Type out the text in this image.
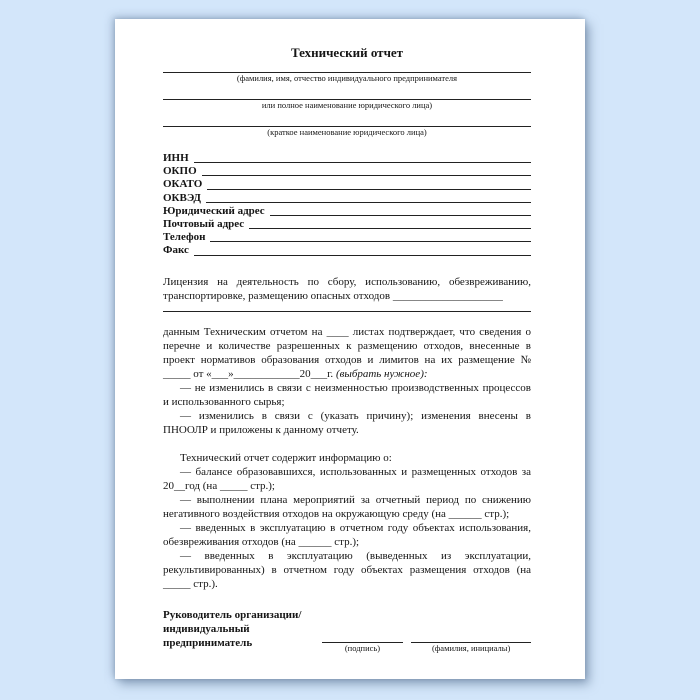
Технический отчет
(фамилия, имя, отчество индивидуального предпринимателя
или полное наименование юридического лица)
(краткое наименование юридического лица)
ИНН
ОКПО
ОКАТО
ОКВЭД
Юридический адрес
Почтовый адрес
Телефон
Факс

Лицензия на деятельность по сбору, использованию, обезвреживанию, транспортировке, размещению опасных отходов ____________________

данным Техническим отчетом на ____ листах подтверждает, что сведения о перечне и количестве разрешенных к размещению отходов, внесенные в проект нормативов образования отходов и лимитов на их размещение № _____ от «___»____________20___г. (выбрать нужное):

— не изменились в связи с неизменностью производственных процессов и использованного сырья;

— изменились в связи с (указать причину); изменения внесены в ПНООЛР и приложены к данному отчету.

Технический отчет содержит информацию о:

— балансе образовавшихся, использованных и размещенных отходов за 20__год (на _____ стр.);

— выполнении плана мероприятий за отчетный период по снижению негативного воздействия отходов на окружающую среду (на ______ стр.);

— введенных в эксплуатацию в отчетном году объектах использования, обезвреживания отходов (на ______ стр.);

— введенных в эксплуатацию (выведенных из эксплуатации, рекультивированных) в отчетном году объектах размещения отходов (на _____ стр.).

Руководитель организации/
индивидуальный
предприниматель	(подпись)	(фамилия, инициалы)
